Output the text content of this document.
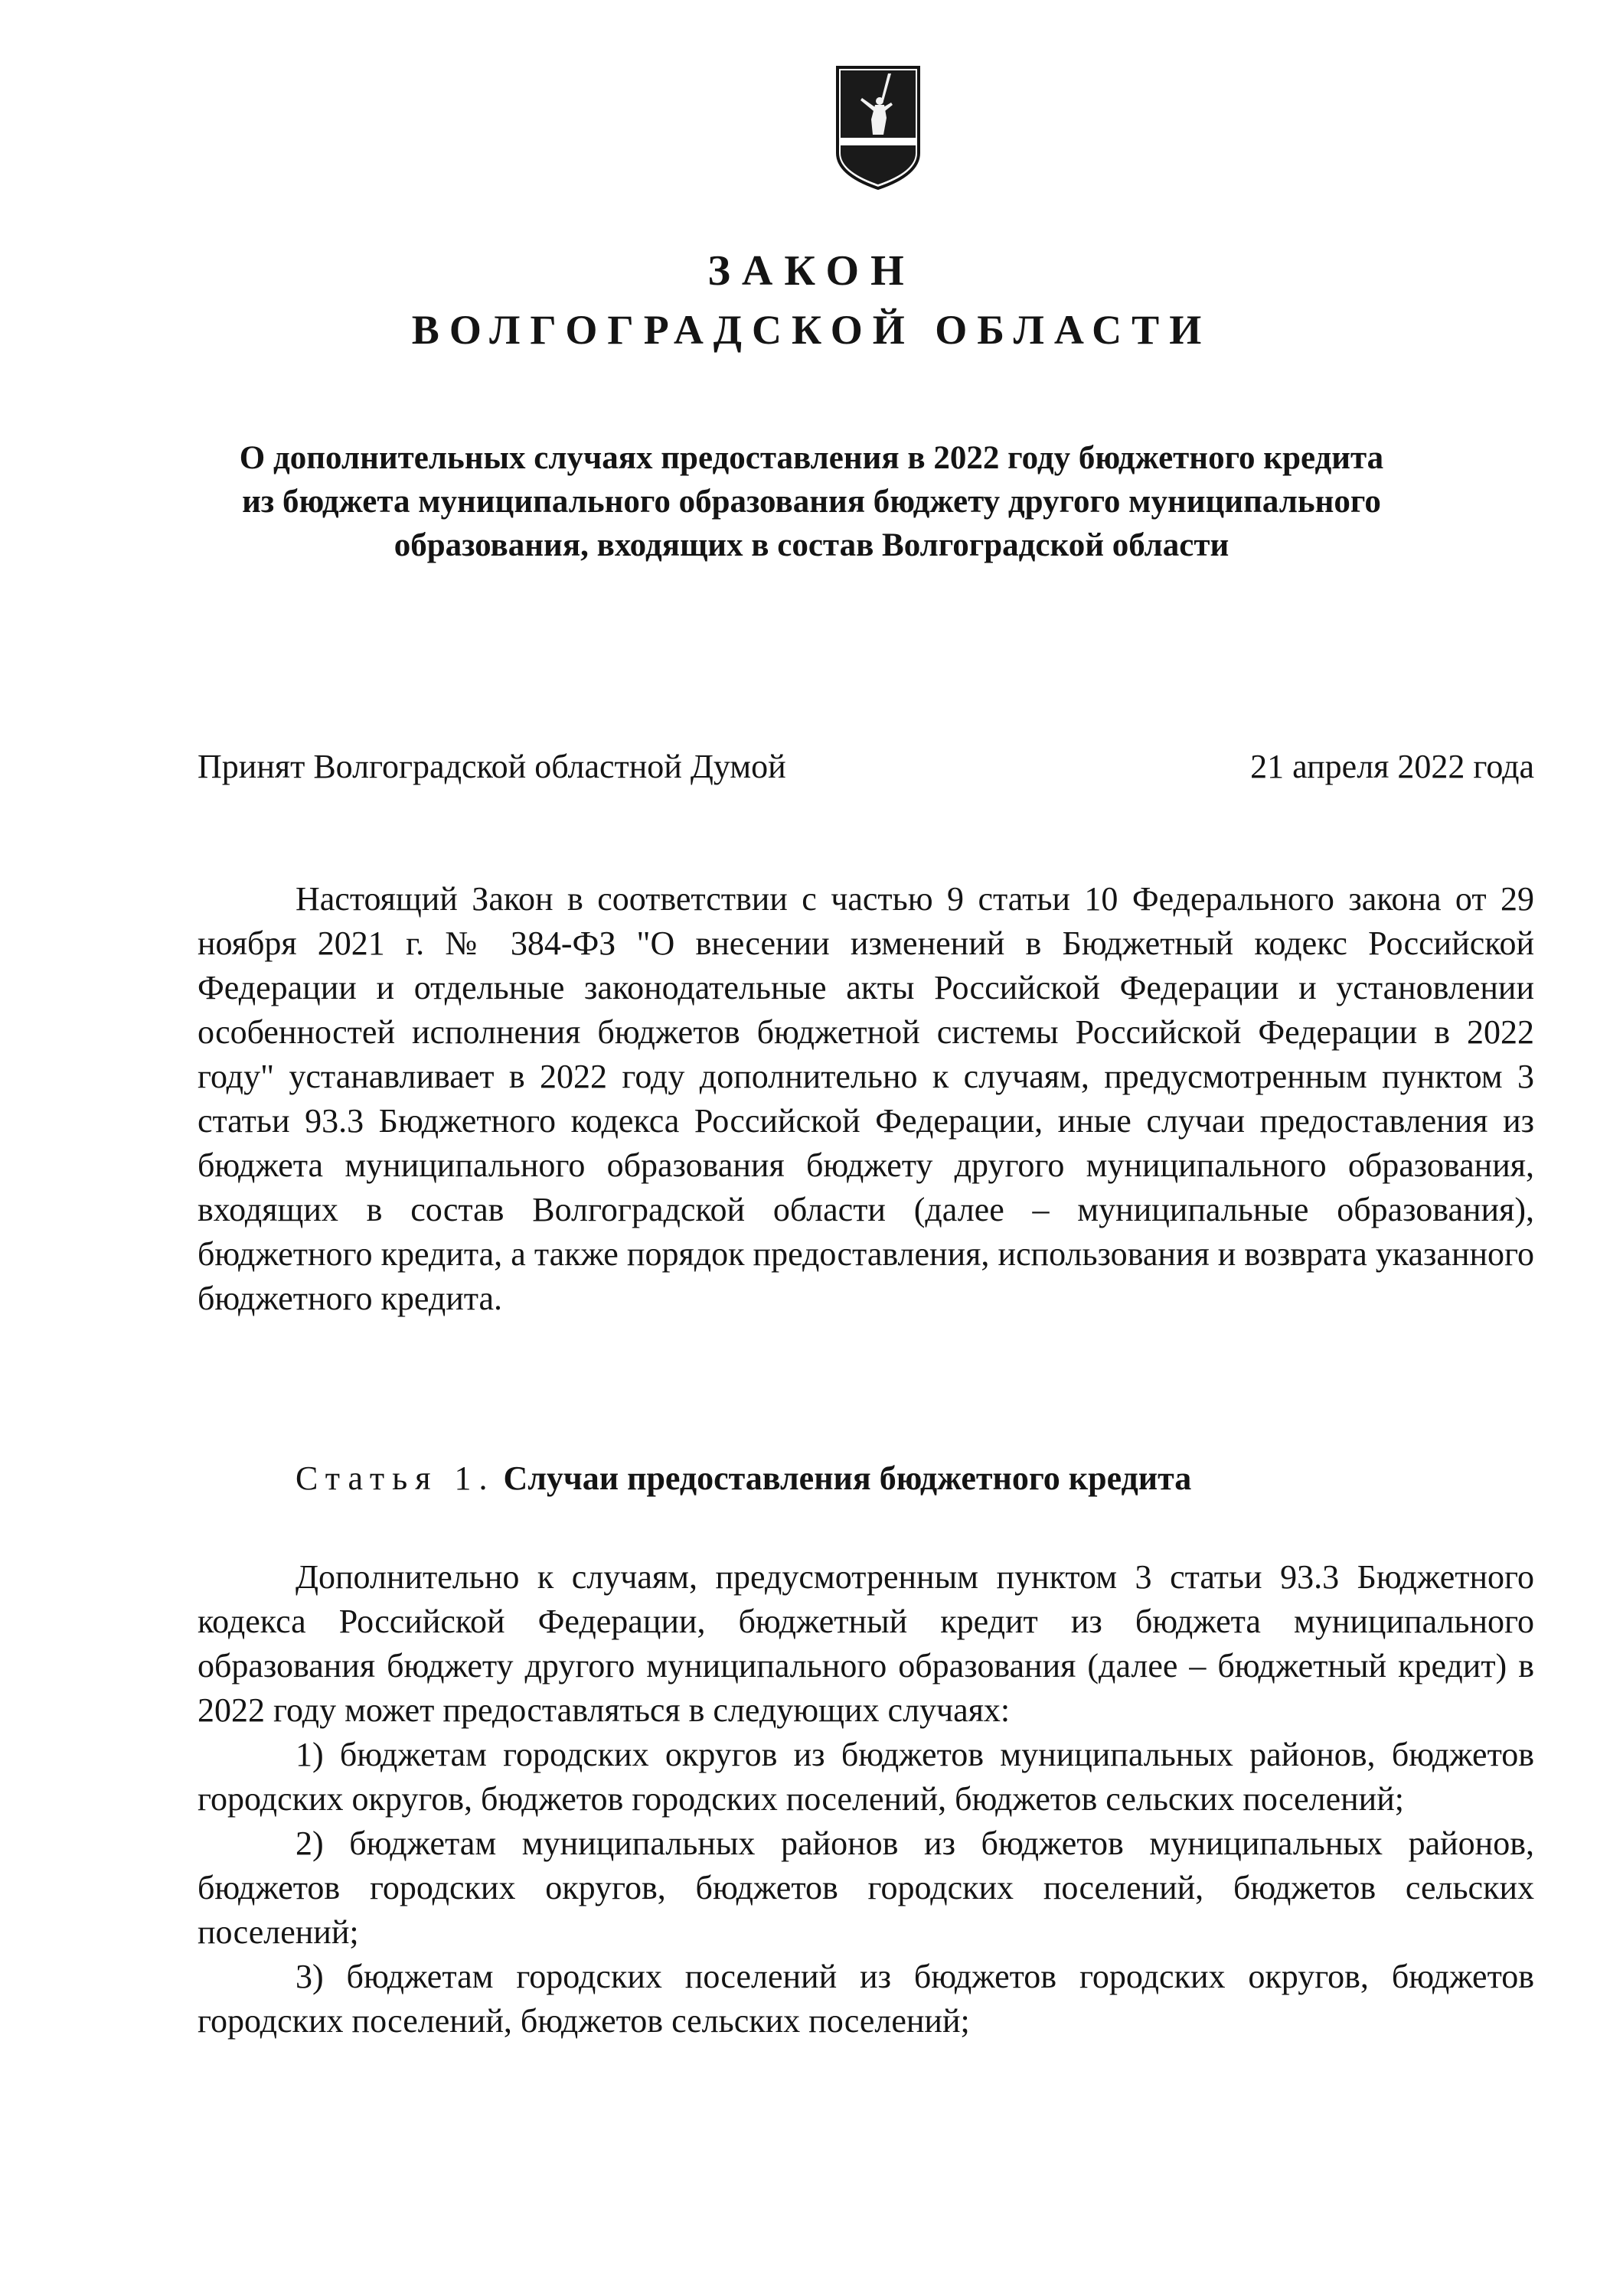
ЗАКОН
ВОЛГОГРАДСКОЙ ОБЛАСТИ
О дополнительных случаях предоставления в 2022 году бюджетного кредита из бюджета муниципального образования бюджету другого муниципального образования, входящих в состав Волгоградской области
Принят Волгоградской областной Думой	21 апреля 2022 года

Настоящий Закон в соответствии с частью 9 статьи 10 Федерального закона от 29 ноября 2021 г. № 384-ФЗ "О внесении изменений в Бюджетный кодекс Российской Федерации и отдельные законодательные акты Российской Федерации и установлении особенностей исполнения бюджетов бюджетной системы Российской Федерации в 2022 году" устанавливает в 2022 году дополнительно к случаям, предусмотренным пунктом 3 статьи 93.3 Бюджетного кодекса Российской Федерации, иные случаи предоставления из бюджета муниципального образования бюджету другого муниципального образования, входящих в состав Волгоградской области (далее – муниципальные образования), бюджетного кредита, а также порядок предоставления, использования и возврата указанного бюджетного кредита.

Статья 1. Случаи предоставления бюджетного кредита

Дополнительно к случаям, предусмотренным пунктом 3 статьи 93.3 Бюджетного кодекса Российской Федерации, бюджетный кредит из бюджета муниципального образования бюджету другого муниципального образования (далее – бюджетный кредит) в 2022 году может предоставляться в следующих случаях:

1) бюджетам городских округов из бюджетов муниципальных районов, бюджетов городских округов, бюджетов городских поселений, бюджетов сельских поселений;

2) бюджетам муниципальных районов из бюджетов муниципальных районов, бюджетов городских округов, бюджетов городских поселений, бюджетов сельских поселений;

3) бюджетам городских поселений из бюджетов городских округов, бюджетов городских поселений, бюджетов сельских поселений;
